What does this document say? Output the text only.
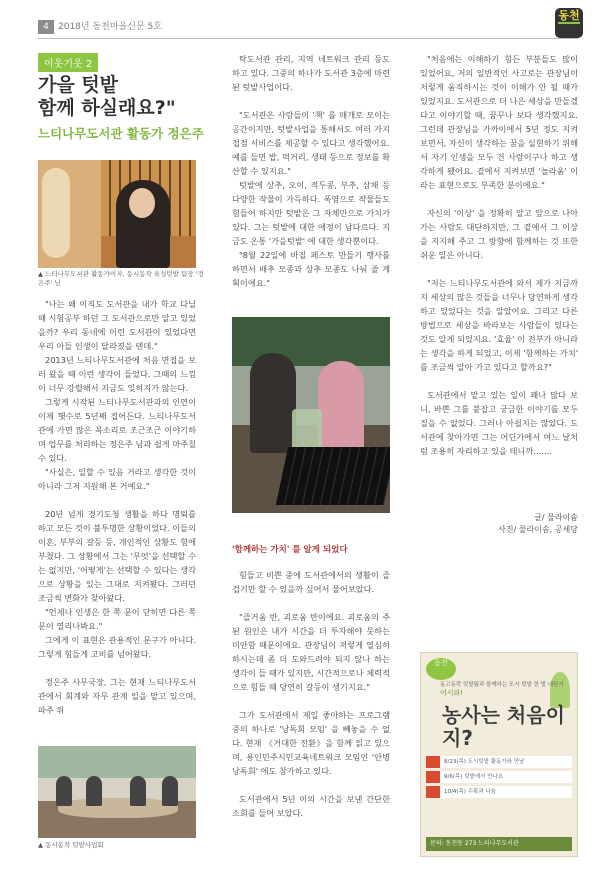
4	2018년 동천마을신문 5호
동천
이웃기웃 2
가을 텃밭
함께 하실래요?"
느티나무도서관 활동가 정은주
▲ 느티나무도서관 활동가이자, 동시동작 육성텃밭 팀장 '정은주' 님

"나는 왜 이직도 도서관을 내가 학교 다닐 때 시험공부 하던 그 도서관으로만 알고 있었을까? 우리 동네에 이런 도서관이 있었다면 우리 아들 인생이 달라졌을 텐데."

2013년 느티나무도서관에 처음 면접을 보러 왔을 때 이런 생각이 들었다. 그때의 느낌이 너무 강렬해서 지금도 잊히지가 않는다.

그렇게 시작된 느티나무도서관과의 인연이 이제 햇수로 5년째 접어든다. 느티나무도서관에 가면 많은 목소리로 조근조근 이야기하며 업무를 처리하는 정은주 님과 쉽게 마주칠 수 있다.

"사실은, 일할 수 있음 거라고 생각한 것이 아니라 그저 지원해 본 거예요."

20년 넘게 경기도청 생활을 하다 명퇴를 하고 모든 것이 불투명한 상황이었다. 이들의 이혼, 부부의 갈등 등, 개인적인 상황도 힘에 부쳤다. 그 상황에서 그는 '무엇'을 선택할 수는 없지만, '어떻게'는 선택할 수 있다는 생각으로 상황을 있는 그대로 지켜봤다. 그러던 조금씩 변화가 찾아왔다.

"언제나 인생은 한 쪽 문이 닫히면 다른 쪽 문이 열리나봐요."

그에게 이 표현은 관용적인 문구가 아니다. 그렇게 힘들게 고비를 넘어왔다.

정은주 사무국장, 그는 현재 느티나무도서관에서 회계와 자무 관계 일을 맡고 있으며, 파주 위

▲ 동시동작 텃밭사업회

탁도서관 관리, 지역 네트워크 관리 등도 하고 있다. 그중의 하나가 도서관 3층에 마련된 텃밭사업이다.

"도서관은 사람들이 '책' 를 매개로 모이는 공간이지만, 텃밭사업을 통해서도 여러 가지 접점 서비스를 제공할 수 있다고 생각했어요. 예를 들면 밥, 먹거리, 생태 등으로 정보를 확산할 수 있지요."

텃밭에 상추, 오이, 적두콩, 부추, 삼채 등 다양한 작물이 가득하다. 폭염으로 작물들도 힘들어 하지만 텃밭은 그 자체만으로 가치가 있다. 그는 텃밭에 대한 애정이 남다르다. 지금도 온통 '가을텃밭' 에 대한 생각뿐이다.

"8월 22일에 바질 페스토 만들기 행사를 하면서 배추 모종과 상추 모종도 나눠 줄 계획이에요."

'함께하는 가치' 를 알게 되었다

힘들고 비쁜 중에 도서관에서의 생활이 즐겁기만 할 수 있을까 싶어서 물어보았다.

"즐거움 반, 괴로움 반이에요. 괴로움의 주된 원인은 내가 시간을 더 투자해야 뭇하는 미안함 때문이에요. 관장님이 저렇게 열심히 하시는데 좀 더 도와드려야 되지 않나 하는 생각이 들 때가 있지만, 시간적으로나 체력적으로 힘들 때 당연히 갈등이 생기지요."

그가 도서관에서 제일 좋아하는 프로그램 중의 하나로 '낭독회 모임' 을 빼놓을 수 없다. 현재 《거대한 전환》을 함께 읽고 있으며, 용인민주시민교육네트워크 모임인 '안병낭독회' 에도 참가하고 있다.

도서관에서 5년 이의 시간을 보낸 간단한 소회를 들어 보았다.

"처음에는 이해하기 힘든 부분들도 많이 있었어요, 저의 일반적인 사고로는 관장님이 저렇게 움직하시는 것이 이해가 안 될 때가 있었지요. 도서관으로 더 나은 세상을 만들겠다고 이야기할 때, 꿈꾸나 보다 생각했지요. 그런데 관장님을 가까이에서 5년 정도 지켜보면서, 자신이 생각하는 꿈을 실현하기 위해서 자기 인생을 모두 건 사람이구나 하고 생각하게 됐어요. 곁에서 지켜보면 '놀라움' 이라는 표현으로도 부족한 분이에요."

자신의 '이상' 을 정확히 알고 앞으로 나아가는 사람도 대단하지만, 그 곁에서 그 이상을 지지해 주고 그 방향에 함께하는 것 또한 쉬운 일은 아니다.

"저는 느티나무도서관에 와서 제가 지금까지 세상의 많은 것들을 너무나 당연하게 생각하고 있었다는 것을 알았어요. 그리고 다른 방법으로 세상을 바라보는 사람들이 있다는 것도 알게 되었지요. '효율' 이 전부가 아니라는 생각을 하게 되었고, 이제 '함께하는 가치' 를 조금씩 알아 가고 있다고 할까요?"

도서관에서 맡고 있는 일이 꽤나 많다 보니, 바쁜 그를 붙잡고 궁금한 이야기를 모두 질을 수 없었다. 그러나 아쉽지는 않았다. 도서관에 찾아가면 그는 어딘가에서 여느 날처럼 조용히 자리하고 있을 테니까…….

글/ 물라이솜
사진/ 물라이솜, 공세당
동천
동고동락 텃밭팀과 함께하는 도시 텃밭 한 발 내딛기
어서와!
농사는 처음이지?
8/23(목) 도시텃밭 활동가와 만남
9/6(목) 텃밭에서 만나요
10/4(목) 수확과 나눔
문의: 동천동 273 느티나무도서관
